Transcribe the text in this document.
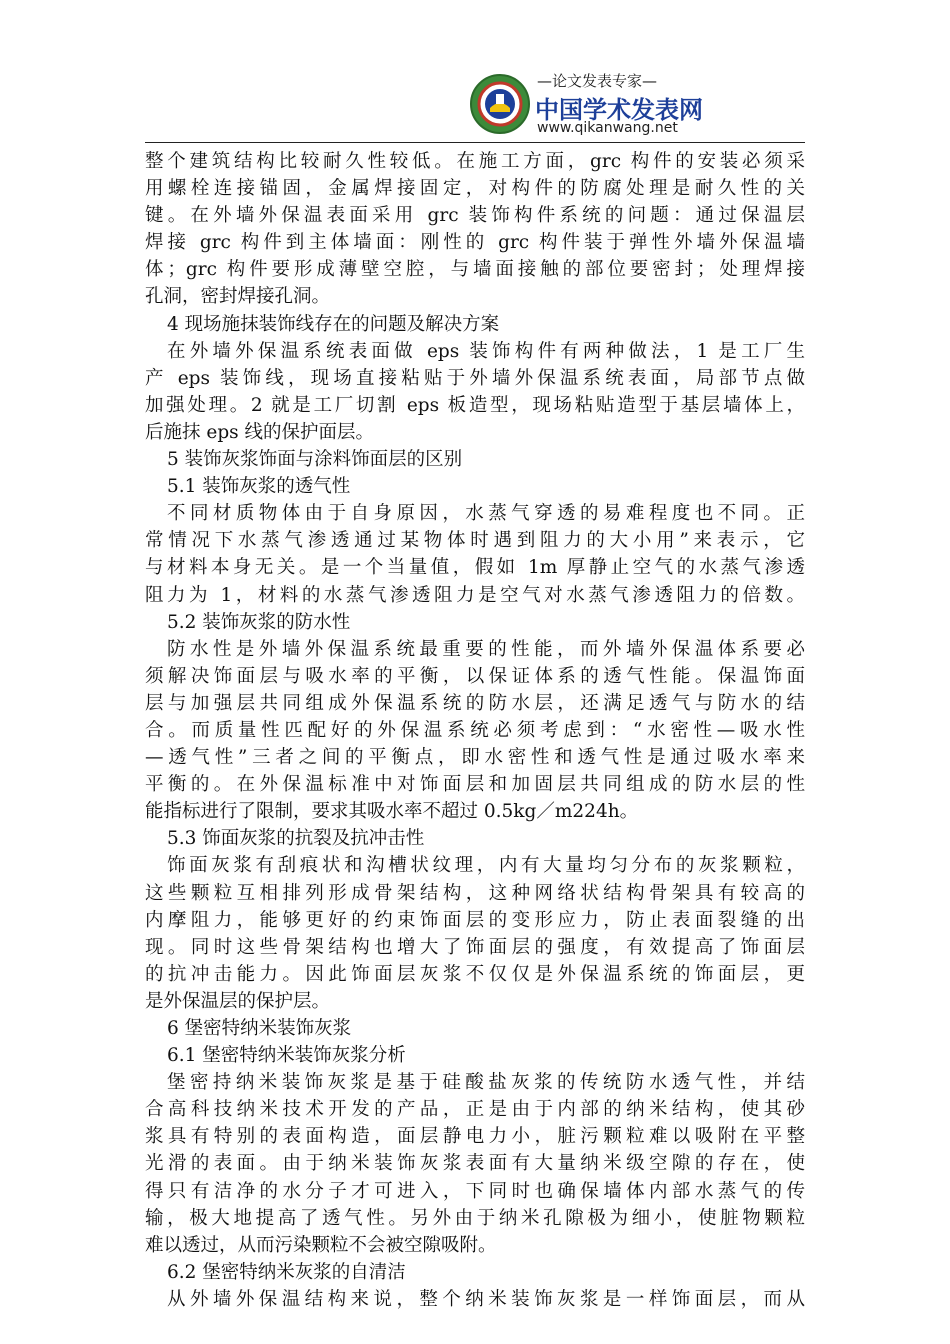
—论文发表专家—
中国学术发表网
www.qikanwang.net
整个建筑结构比较耐久性较低。在施工方面，grc 构件的安装必须采
用螺栓连接锚固，金属焊接固定，对构件的防腐处理是耐久性的关
键。在外墙外保温表面采用 grc 装饰构件系统的问题：通过保温层
焊接 grc 构件到主体墙面：刚性的 grc 构件装于弹性外墙外保温墙
体；grc 构件要形成薄壁空腔，与墙面接触的部位要密封；处理焊接
孔洞，密封焊接孔洞。
4 现场施抹装饰线存在的问题及解决方案
在外墙外保温系统表面做 eps 装饰构件有两种做法，1 是工厂生
产 eps 装饰线，现场直接粘贴于外墙外保温系统表面，局部节点做
加强处理。2 就是工厂切割 eps 板造型，现场粘贴造型于基层墙体上，
后施抹 eps 线的保护面层。
5 装饰灰浆饰面与涂料饰面层的区别
5.1 装饰灰浆的透气性
不同材质物体由于自身原因，水蒸气穿透的易难程度也不同。正
常情况下水蒸气渗透通过某物体时遇到阻力的大小用”来表示，它
与材料本身无关。是一个当量值，假如 1m 厚静止空气的水蒸气渗透
阻力为 1，材料的水蒸气渗透阻力是空气对水蒸气渗透阻力的倍数。
5.2 装饰灰浆的防水性
防水性是外墙外保温系统最重要的性能，而外墙外保温体系要必
须解决饰面层与吸水率的平衡，以保证体系的透气性能。保温饰面
层与加强层共同组成外保温系统的防水层，还满足透气与防水的结
合。而质量性匹配好的外保温系统必须考虑到：“水密性—吸水性
—透气性”三者之间的平衡点，即水密性和透气性是通过吸水率来
平衡的。在外保温标准中对饰面层和加固层共同组成的防水层的性
能指标进行了限制，要求其吸水率不超过 0.5kg／m224h。
5.3 饰面灰浆的抗裂及抗冲击性
饰面灰浆有刮痕状和沟槽状纹理，内有大量均匀分布的灰浆颗粒，
这些颗粒互相排列形成骨架结构，这种网络状结构骨架具有较高的
内摩阻力，能够更好的约束饰面层的变形应力，防止表面裂缝的出
现。同时这些骨架结构也增大了饰面层的强度，有效提高了饰面层
的抗冲击能力。因此饰面层灰浆不仅仅是外保温系统的饰面层，更
是外保温层的保护层。
6 堡密特纳米装饰灰浆
6.1 堡密特纳米装饰灰浆分析
堡密持纳米装饰灰浆是基于硅酸盐灰浆的传统防水透气性，并结
合高科技纳米技术开发的产品，正是由于内部的纳米结构，使其砂
浆具有特别的表面构造，面层静电力小，脏污颗粒难以吸附在平整
光滑的表面。由于纳米装饰灰浆表面有大量纳米级空隙的存在，使
得只有洁净的水分子才可进入，下同时也确保墙体内部水蒸气的传
输，极大地提高了透气性。另外由于纳米孔隙极为细小，使脏物颗粒
难以透过，从而污染颗粒不会被空隙吸附。
6.2 堡密特纳米灰浆的自清洁
从外墙外保温结构来说，整个纳米装饰灰浆是一样饰面层，而从
